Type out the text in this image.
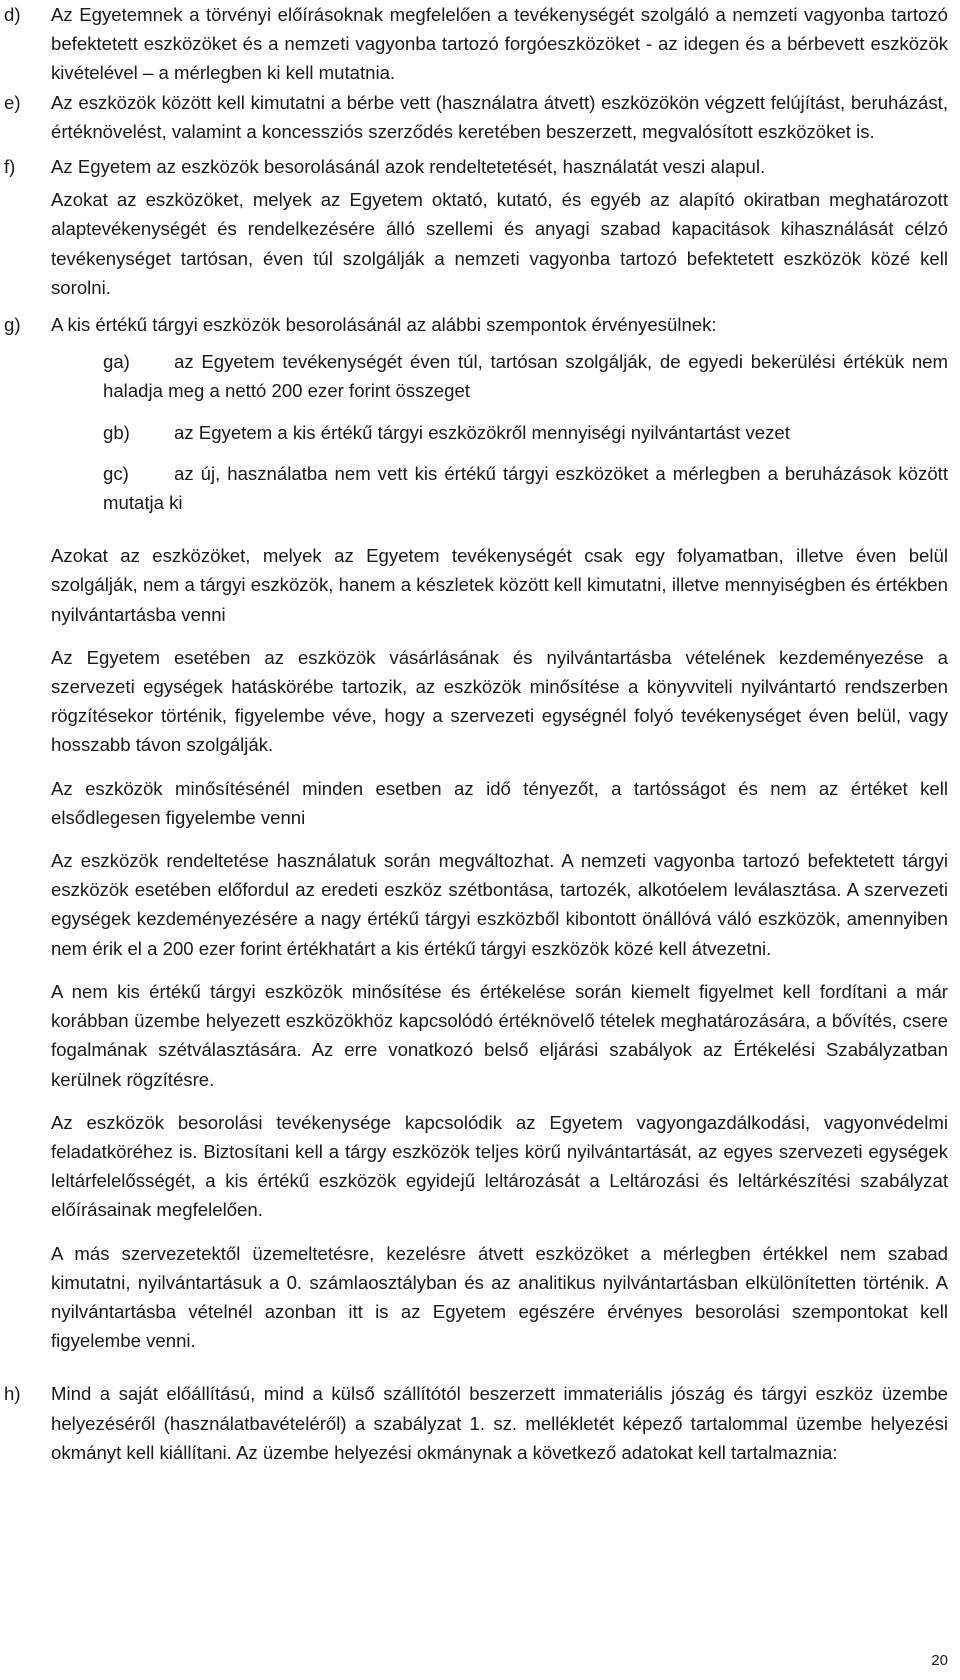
d) Az Egyetemnek a törvényi előírásoknak megfelelően a tevékenységét szolgáló a nemzeti vagyonba tartozó befektetett eszközöket és a nemzeti vagyonba tartozó forgóeszközöket - az idegen és a bérbevett eszközök kivételével – a mérlegben ki kell mutatnia.

e) Az eszközök között kell kimutatni a bérbe vett (használatra átvett) eszközökön végzett felújítást, beruházást, értéknövelést, valamint a koncessziós szerződés keretében beszerzett, megvalósított eszközöket is.

f) Az Egyetem az eszközök besorolásánál azok rendeltetetését, használatát veszi alapul.

Azokat az eszközöket, melyek az Egyetem oktató, kutató, és egyéb az alapító okiratban meghatározott alaptevékenységét és rendelkezésére álló szellemi és anyagi szabad kapacitások kihasználását célzó tevékenységet tartósan, éven túl szolgálják a nemzeti vagyonba tartozó befektetett eszközök közé kell sorolni.

g) A kis értékű tárgyi eszközök besorolásánál az alábbi szempontok érvényesülnek:

ga) az Egyetem tevékenységét éven túl, tartósan szolgálják, de egyedi bekerülési értékük nem haladja meg a nettó 200 ezer forint összeget

gb) az Egyetem a kis értékű tárgyi eszközökről mennyiségi nyilvántartást vezet

gc) az új, használatba nem vett kis értékű tárgyi eszközöket a mérlegben a beruházások között mutatja ki

Azokat az eszközöket, melyek az Egyetem tevékenységét csak egy folyamatban, illetve éven belül szolgálják, nem a tárgyi eszközök, hanem a készletek között kell kimutatni, illetve mennyiségben és értékben nyilvántartásba venni

Az Egyetem esetében az eszközök vásárlásának és nyilvántartásba vételének kezdeményezése a szervezeti egységek hatáskörébe tartozik, az eszközök minősítése a könyvviteli nyilvántartó rendszerben rögzítésekor történik, figyelembe véve, hogy a szervezeti egységnél folyó tevékenységet éven belül, vagy hosszabb távon szolgálják.

Az eszközök minősítésénél minden esetben az idő tényezőt, a tartósságot és nem az értéket kell elsődlegesen figyelembe venni

Az eszközök rendeltetése használatuk során megváltozhat. A nemzeti vagyonba tartozó befektetett tárgyi eszközök esetében előfordul az eredeti eszköz szétbontása, tartozék, alkotóelem leválasztása. A szervezeti egységek kezdeményezésére a nagy értékű tárgyi eszközből kibontott önállóvá váló eszközök, amennyiben nem érik el a 200 ezer forint értékhatárt a kis értékű tárgyi eszközök közé kell átvezetni.

A nem kis értékű tárgyi eszközök minősítése és értékelése során kiemelt figyelmet kell fordítani a már korábban üzembe helyezett eszközökhöz kapcsolódó értéknövelő tételek meghatározására, a bővítés, csere fogalmának szétválasztására. Az erre vonatkozó belső eljárási szabályok az Értékelési Szabályzatban kerülnek rögzítésre.

Az eszközök besorolási tevékenysége kapcsolódik az Egyetem vagyongazdálkodási, vagyonvédelmi feladatköréhez is. Biztosítani kell a tárgy eszközök teljes körű nyilvántartását, az egyes szervezeti egységek leltárfelelősségét, a kis értékű eszközök egyidejű leltározását a Leltározási és leltárkészítési szabályzat előírásainak megfelelően.

A más szervezetektől üzemeltetésre, kezelésre átvett eszközöket a mérlegben értékkel nem szabad kimutatni, nyilvántartásuk a 0. számlaosztályban és az analitikus nyilvántartásban elkülönítetten történik. A nyilvántartásba vételnél azonban itt is az Egyetem egészére érvényes besorolási szempontokat kell figyelembe venni.

h) Mind a saját előállítású, mind a külső szállítótól beszerzett immateriális jószág és tárgyi eszköz üzembe helyezéséről (használatbavételéről) a szabályzat 1. sz. mellékletét képező tartalommal üzembe helyezési okmányt kell kiállítani. Az üzembe helyezési okmánynak a következő adatokat kell tartalmaznia:

20
